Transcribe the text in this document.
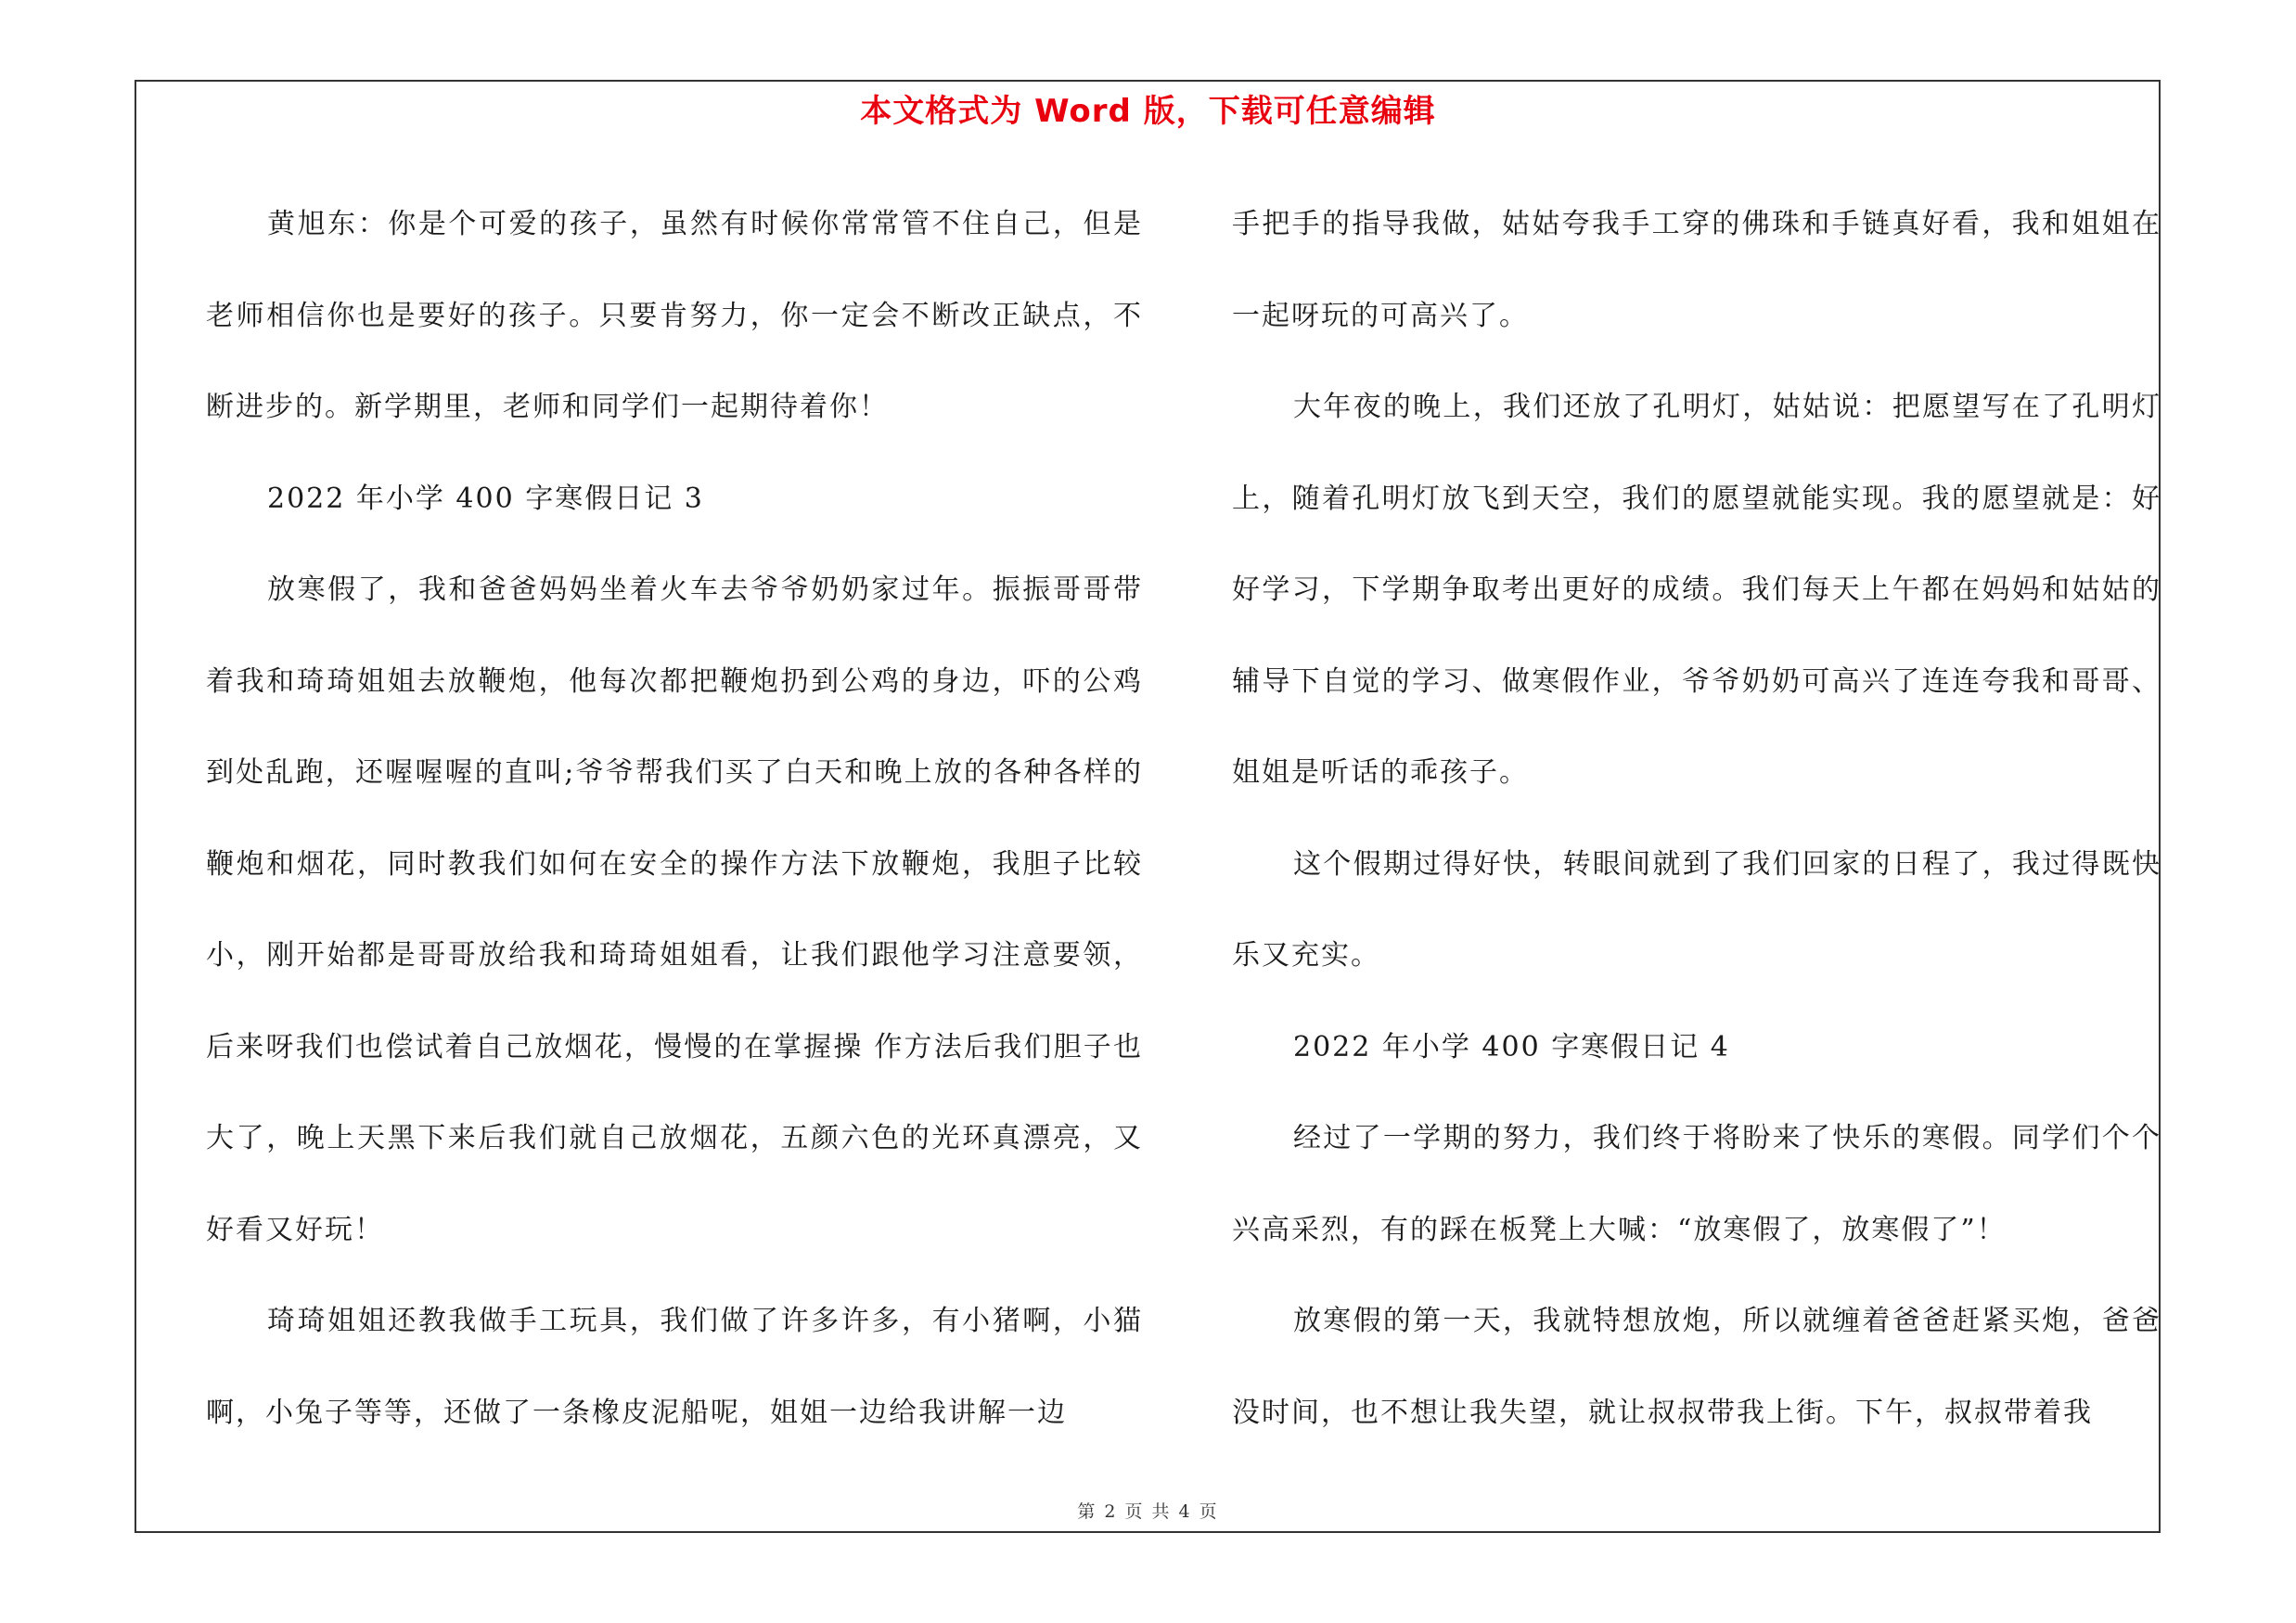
本文格式为 Word 版，下载可任意编辑

黄旭东：你是个可爱的孩子，虽然有时候你常常管不住自己，但是老师相信你也是要好的孩子。只要肯努力，你一定会不断改正缺点，不断进步的。新学期里，老师和同学们一起期待着你！

2022 年小学 400 字寒假日记 3

放寒假了，我和爸爸妈妈坐着火车去爷爷奶奶家过年。振振哥哥带着我和琦琦姐姐去放鞭炮，他每次都把鞭炮扔到公鸡的身边，吓的公鸡到处乱跑，还喔喔喔的直叫;爷爷帮我们买了白天和晚上放的各种各样的鞭炮和烟花，同时教我们如何在安全的操作方法下放鞭炮，我胆子比较小，刚开始都是哥哥放给我和琦琦姐姐看，让我们跟他学习注意要领，后来呀我们也偿试着自己放烟花，慢慢的在掌握操 作方法后我们胆子也大了，晚上天黑下来后我们就自己放烟花，五颜六色的光环真漂亮，又好看又好玩！

琦琦姐姐还教我做手工玩具，我们做了许多许多，有小猪啊，小猫啊，小兔子等等，还做了一条橡皮泥船呢，姐姐一边给我讲解一边

手把手的指导我做，姑姑夸我手工穿的佛珠和手链真好看，我和姐姐在一起呀玩的可高兴了。

大年夜的晚上，我们还放了孔明灯，姑姑说：把愿望写在了孔明灯上，随着孔明灯放飞到天空，我们的愿望就能实现。我的愿望就是：好好学习，下学期争取考出更好的成绩。我们每天上午都在妈妈和姑姑的辅导下自觉的学习、做寒假作业，爷爷奶奶可高兴了连连夸我和哥哥、姐姐是听话的乖孩子。

这个假期过得好快，转眼间就到了我们回家的日程了，我过得既快乐又充实。

2022 年小学 400 字寒假日记 4

经过了一学期的努力，我们终于将盼来了快乐的寒假。同学们个个兴高采烈，有的踩在板凳上大喊：“放寒假了，放寒假了”！

放寒假的第一天，我就特想放炮，所以就缠着爸爸赶紧买炮，爸爸没时间，也不想让我失望，就让叔叔带我上街。下午，叔叔带着我

第 2 页 共 4 页
